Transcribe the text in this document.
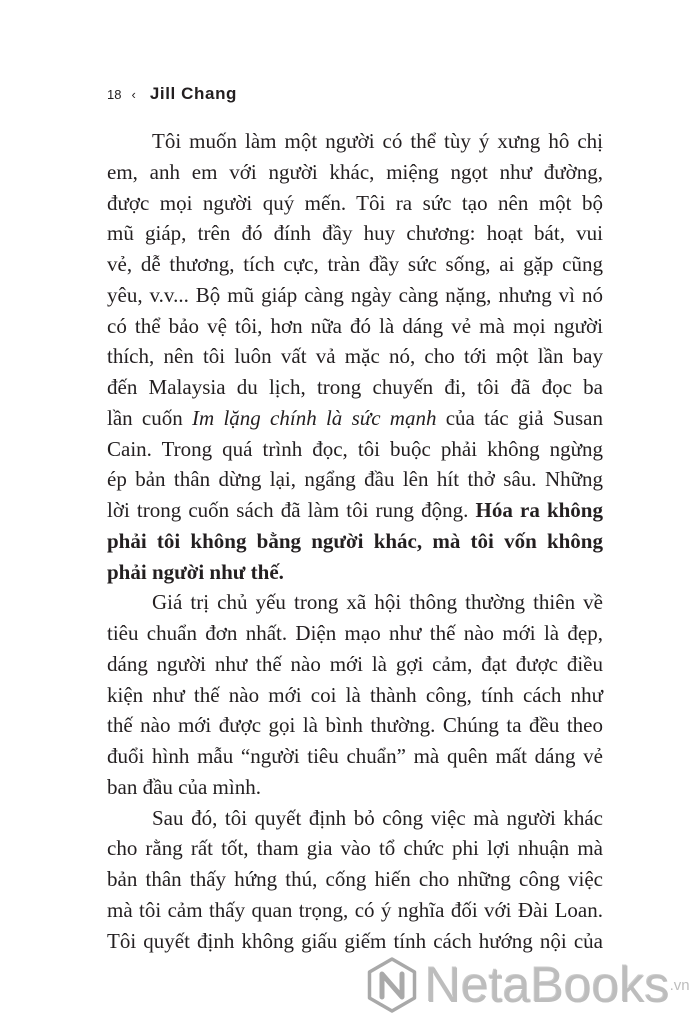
18 ‹ Jill Chang
Tôi muốn làm một người có thể tùy ý xưng hô chị
em, anh em với người khác, miệng ngọt như đường,
được mọi người quý mến. Tôi ra sức tạo nên một bộ
mũ giáp, trên đó đính đầy huy chương: hoạt bát, vui
vẻ, dễ thương, tích cực, tràn đầy sức sống, ai gặp cũng
yêu, v.v... Bộ mũ giáp càng ngày càng nặng, nhưng vì nó
có thể bảo vệ tôi, hơn nữa đó là dáng vẻ mà mọi người
thích, nên tôi luôn vất vả mặc nó, cho tới một lần bay
đến Malaysia du lịch, trong chuyến đi, tôi đã đọc ba
lần cuốn Im lặng chính là sức mạnh của tác giả Susan
Cain. Trong quá trình đọc, tôi buộc phải không ngừng
ép bản thân dừng lại, ngẩng đầu lên hít thở sâu. Những
lời trong cuốn sách đã làm tôi rung động. Hóa ra không
phải tôi không bằng người khác, mà tôi vốn không
phải người như thế.
Giá trị chủ yếu trong xã hội thông thường thiên về
tiêu chuẩn đơn nhất. Diện mạo như thế nào mới là đẹp,
dáng người như thế nào mới là gợi cảm, đạt được điều
kiện như thế nào mới coi là thành công, tính cách như
thế nào mới được gọi là bình thường. Chúng ta đều theo
đuổi hình mẫu “người tiêu chuẩn” mà quên mất dáng vẻ
ban đầu của mình.
Sau đó, tôi quyết định bỏ công việc mà người khác
cho rằng rất tốt, tham gia vào tổ chức phi lợi nhuận mà
bản thân thấy hứng thú, cống hiến cho những công việc
mà tôi cảm thấy quan trọng, có ý nghĩa đối với Đài Loan.
Tôi quyết định không giấu giếm tính cách hướng nội của
NetaBooks .vn
